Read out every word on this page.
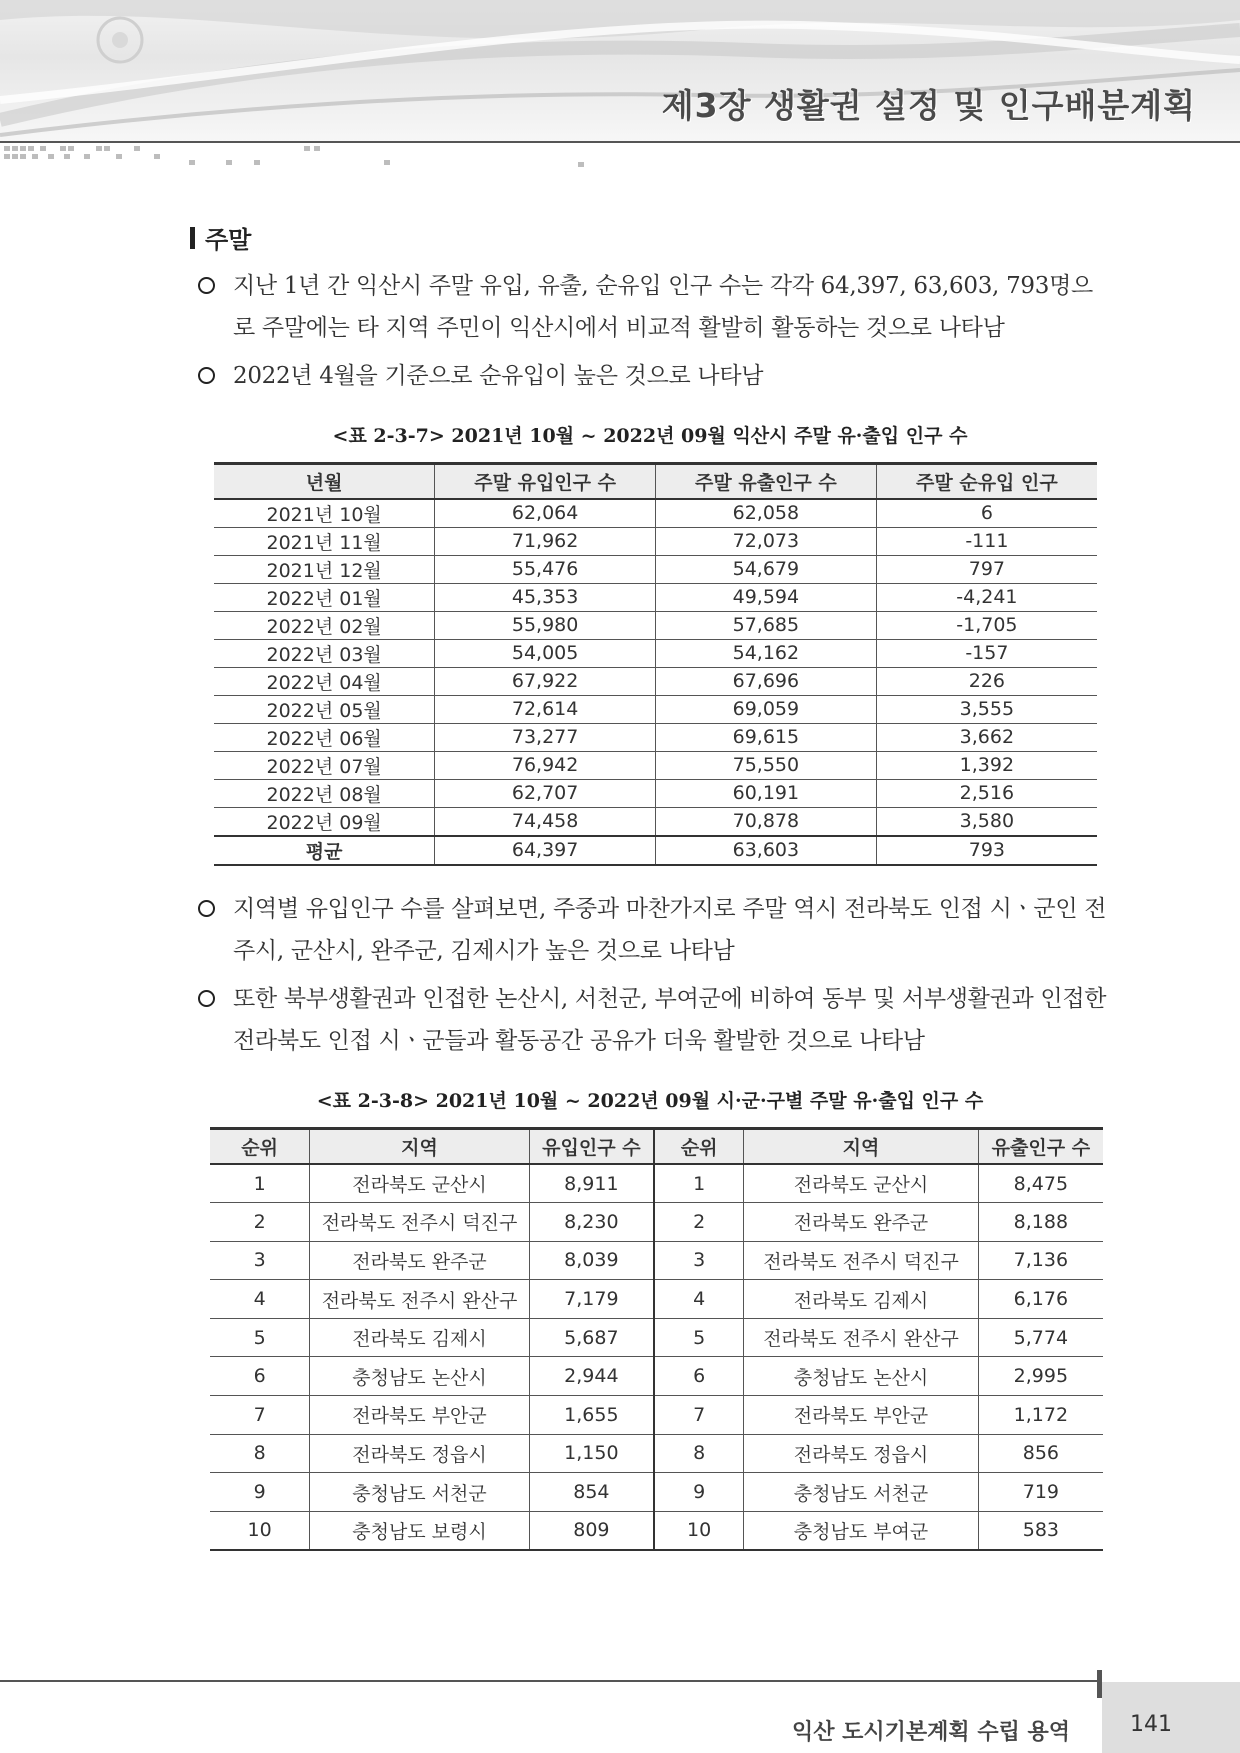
제3장 생활권 설정 및 인구배분계획
주말
지난 1년 간 익산시 주말 유입, 유출, 순유입 인구 수는 각각 64,397, 63,603, 793명으로 주말에는 타 지역 주민이 익산시에서 비교적 활발히 활동하는 것으로 나타남
2022년 4월을 기준으로 순유입이 높은 것으로 나타남
<표 2-3-7> 2021년 10월 ~ 2022년 09월 익산시 주말 유·출입 인구 수
년월	주말 유입인구 수	주말 유출인구 수	주말 순유입 인구
2021년 10월	62,064	62,058	6
2021년 11월	71,962	72,073	-111
2021년 12월	55,476	54,679	797
2022년 01월	45,353	49,594	-4,241
2022년 02월	55,980	57,685	-1,705
2022년 03월	54,005	54,162	-157
2022년 04월	67,922	67,696	226
2022년 05월	72,614	69,059	3,555
2022년 06월	73,277	69,615	3,662
2022년 07월	76,942	75,550	1,392
2022년 08월	62,707	60,191	2,516
2022년 09월	74,458	70,878	3,580
평균	64,397	63,603	793
지역별 유입인구 수를 살펴보면, 주중과 마찬가지로 주말 역시 전라북도 인접 시ㆍ군인 전주시, 군산시, 완주군, 김제시가 높은 것으로 나타남
또한 북부생활권과 인접한 논산시, 서천군, 부여군에 비하여 동부 및 서부생활권과 인접한 전라북도 인접 시ㆍ군들과 활동공간 공유가 더욱 활발한 것으로 나타남
<표 2-3-8> 2021년 10월 ~ 2022년 09월 시·군·구별 주말 유·출입 인구 수
순위	지역	유입인구 수	순위	지역	유출인구 수
1	전라북도 군산시	8,911	1	전라북도 군산시	8,475
2	전라북도 전주시 덕진구	8,230	2	전라북도 완주군	8,188
3	전라북도 완주군	8,039	3	전라북도 전주시 덕진구	7,136
4	전라북도 전주시 완산구	7,179	4	전라북도 김제시	6,176
5	전라북도 김제시	5,687	5	전라북도 전주시 완산구	5,774
6	충청남도 논산시	2,944	6	충청남도 논산시	2,995
7	전라북도 부안군	1,655	7	전라북도 부안군	1,172
8	전라북도 정읍시	1,150	8	전라북도 정읍시	856
9	충청남도 서천군	854	9	충청남도 서천군	719
10	충청남도 보령시	809	10	충청남도 부여군	583
141
익산 도시기본계획 수립 용역
